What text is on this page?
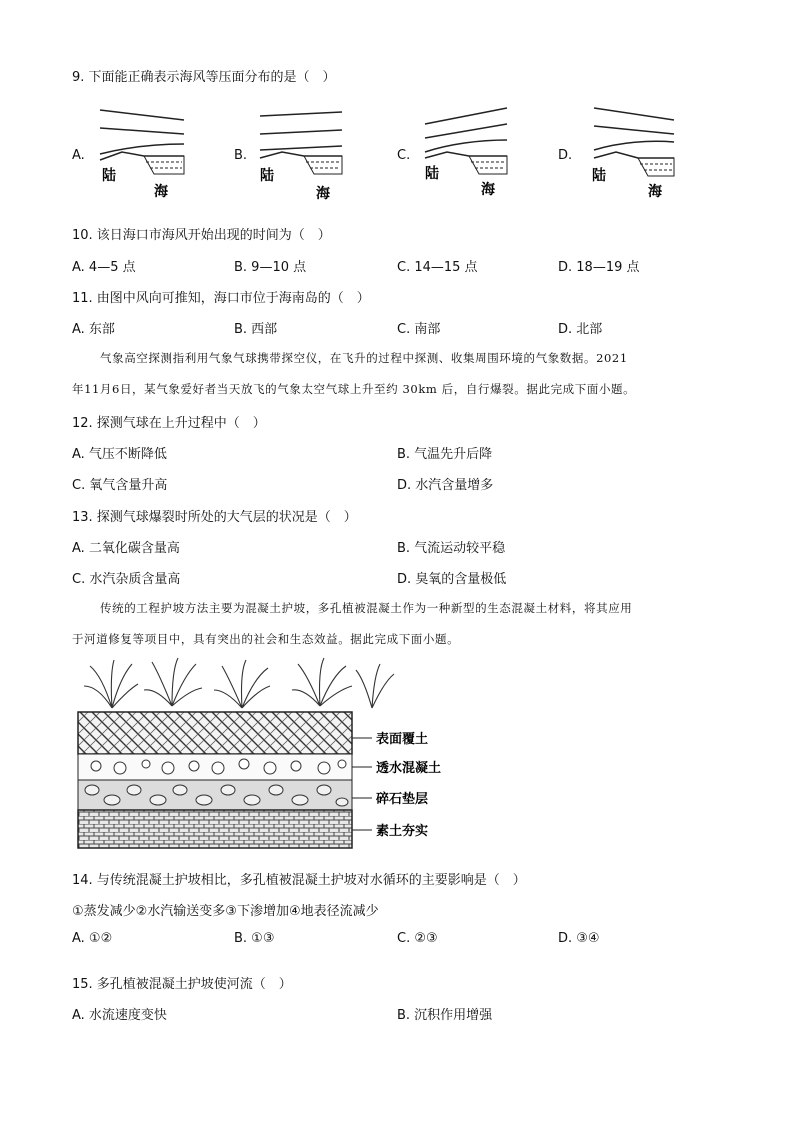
9. 下面能正确表示海风等压面分布的是（　）
A.
陆
海
B.
陆
海
C.
陆
海
D.
陆
海
10. 该日海口市海风开始出现的时间为（　）
A. 4—5 点	B. 9—10 点	C. 14—15 点	D. 18—19 点
11. 由图中风向可推知，海口市位于海南岛的（　）
A. 东部	B. 西部	C. 南部	D. 北部
气象高空探测指利用气象气球携带探空仪，在飞升的过程中探测、收集周围环境的气象数据。2021
年11月6日，某气象爱好者当天放飞的气象太空气球上升至约 30km 后，自行爆裂。据此完成下面小题。
12. 探测气球在上升过程中（　）
A. 气压不断降低	B. 气温先升后降
C. 氧气含量升高	D. 水汽含量增多
13. 探测气球爆裂时所处的大气层的状况是（　）
A. 二氧化碳含量高	B. 气流运动较平稳
C. 水汽杂质含量高	D. 臭氧的含量极低
传统的工程护坡方法主要为混凝土护坡，多孔植被混凝土作为一种新型的生态混凝土材料，将其应用
于河道修复等项目中，具有突出的社会和生态效益。据此完成下面小题。
表面覆土
透水混凝土
碎石垫层
素土夯实
14. 与传统混凝土护坡相比，多孔植被混凝土护坡对水循环的主要影响是（　）
①蒸发减少②水汽输送变多③下渗增加④地表径流减少
A. ①②	B. ①③	C. ②③	D. ③④
15. 多孔植被混凝土护坡使河流（　）
A. 水流速度变快	B. 沉积作用增强
